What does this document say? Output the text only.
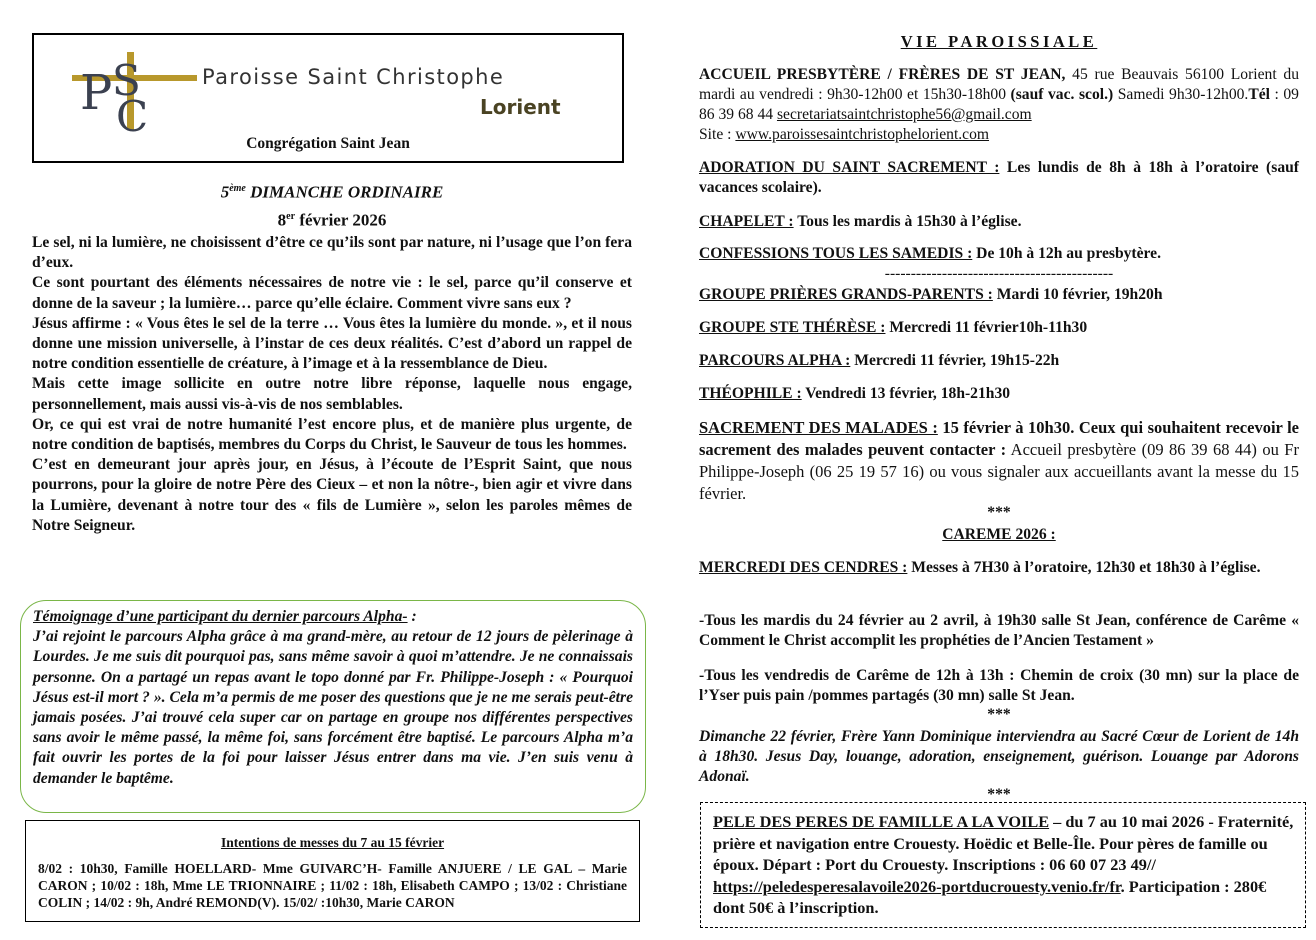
P S
C
Paroisse Saint Christophe
Lorient
Congrégation Saint Jean
5ème DIMANCHE ORDINAIRE
8er février 2026

Le sel, ni la lumière, ne choisissent d’être ce qu’ils sont par nature, ni l’usage que l’on fera d’eux.

Ce sont pourtant des éléments nécessaires de notre vie : le sel, parce qu’il conserve et donne de la saveur ; la lumière… parce qu’elle éclaire. Comment vivre sans eux ?

Jésus affirme : « Vous êtes le sel de la terre … Vous êtes la lumière du monde. », et il nous donne une mission universelle, à l’instar de ces deux réalités. C’est d’abord un rappel de notre condition essentielle de créature, à l’image et à la ressemblance de Dieu.

Mais cette image sollicite en outre notre libre réponse, laquelle nous engage, personnellement, mais aussi vis-à-vis de nos semblables.

Or, ce qui est vrai de notre humanité l’est encore plus, et de manière plus urgente, de notre condition de baptisés, membres du Corps du Christ, le Sauveur de tous les hommes.

C’est en demeurant jour après jour, en Jésus, à l’écoute de l’Esprit Saint, que nous pourrons, pour la gloire de notre Père des Cieux – et non la nôtre-, bien agir et vivre dans la Lumière, devenant à notre tour des « fils de Lumière », selon les paroles mêmes de Notre Seigneur.

Témoignage d’une participant du dernier parcours Alpha- :

J’ai rejoint le parcours Alpha grâce à ma grand-mère, au retour de 12 jours de pèlerinage à Lourdes. Je me suis dit pourquoi pas, sans même savoir à quoi m’attendre. Je ne connaissais personne. On a partagé un repas avant le topo donné par Fr. Philippe-Joseph : « Pourquoi Jésus est-il mort ? ». Cela m’a permis de me poser des questions que je ne me serais peut-être jamais posées. J’ai trouvé cela super car on partage en groupe nos différentes perspectives sans avoir le même passé, la même foi, sans forcément être baptisé. Le parcours Alpha m’a fait ouvrir les portes de la foi pour laisser Jésus entrer dans ma vie. J’en suis venu à demander le baptême.

Intentions de messes du 7 au 15 février
8/02 : 10h30, Famille HOELLARD- Mme GUIVARC’H- Famille ANJUERE / LE GAL – Marie CARON ; 10/02 : 18h, Mme LE TRIONNAIRE ; 11/02 : 18h, Elisabeth CAMPO ; 13/02 : Christiane COLIN ; 14/02 : 9h, André REMOND(V). 15/02/ :10h30, Marie CARON
VIE PAROISSIALE
ACCUEIL PRESBYTÈRE / FRÈRES DE ST JEAN, 45 rue Beauvais 56100 Lorient du mardi au vendredi : 9h30-12h00 et 15h30-18h00 (sauf vac. scol.) Samedi 9h30-12h00.Tél : 09 86 39 68 44 secretariatsaintchristophe56@gmail.com
Site : www.paroissesaintchristophelorient.com
ADORATION DU SAINT SACREMENT : Les lundis de 8h à 18h à l’oratoire (sauf vacances scolaire).
CHAPELET : Tous les mardis à 15h30 à l’église.
CONFESSIONS TOUS LES SAMEDIS : De 10h à 12h au presbytère.
--------------------------------------------
GROUPE PRIÈRES GRANDS-PARENTS : Mardi 10 février, 19h20h
GROUPE STE THÉRÈSE : Mercredi 11 février10h-11h30
PARCOURS ALPHA : Mercredi 11 février, 19h15-22h
THÉOPHILE : Vendredi 13 février, 18h-21h30
SACREMENT DES MALADES : 15 février à 10h30. Ceux qui souhaitent recevoir le sacrement des malades peuvent contacter : Accueil presbytère (09 86 39 68 44) ou Fr Philippe-Joseph (06 25 19 57 16) ou vous signaler aux accueillants avant la messe du 15 février.
***
CAREME 2026 :
MERCREDI DES CENDRES : Messes à 7H30 à l’oratoire, 12h30 et 18h30 à l’église.
-Tous les mardis du 24 février au 2 avril, à 19h30 salle St Jean, conférence de Carême « Comment le Christ accomplit les prophéties de l’Ancien Testament »
-Tous les vendredis de Carême de 12h à 13h : Chemin de croix (30 mn) sur la place de l’Yser puis pain /pommes partagés (30 mn) salle St Jean.
***
Dimanche 22 février, Frère Yann Dominique interviendra au Sacré Cœur de Lorient de 14h à 18h30. Jesus Day, louange, adoration, enseignement, guérison. Louange par Adorons Adonaï.
***
PELE DES PERES DE FAMILLE A LA VOILE – du 7 au 10 mai 2026 - Fraternité, prière et navigation entre Crouesty. Hoëdic et Belle-Île. Pour pères de famille ou époux. Départ : Port du Crouesty. Inscriptions : 06 60 07 23 49// https://peledesperesalavoile2026-portducrouesty.venio.fr/fr. Participation : 280€ dont 50€ à l’inscription.
